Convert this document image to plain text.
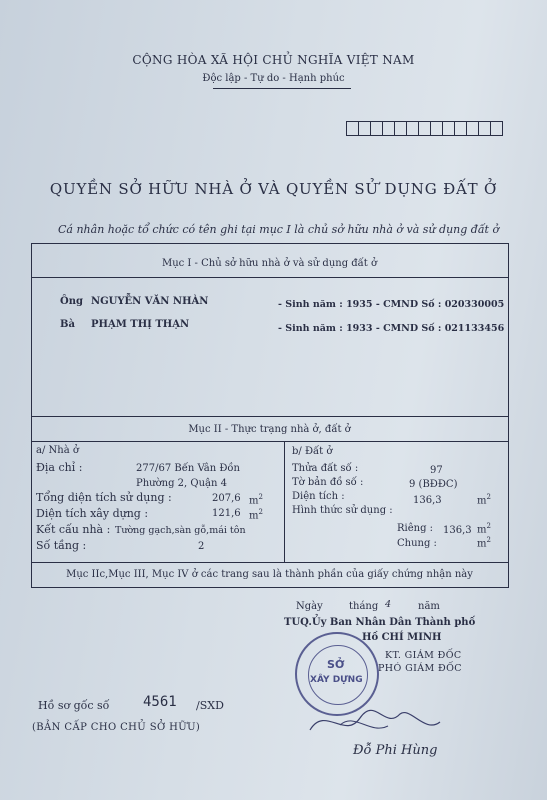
CỘNG HÒA XÃ HỘI CHỦ NGHĨA VIỆT NAM
Độc lập - Tự do - Hạnh phúc
QUYỀN SỞ HỮU NHÀ Ở VÀ QUYỀN SỬ DỤNG ĐẤT Ở
Cá nhân hoặc tổ chức có tên ghi tại mục I là chủ sở hữu nhà ở và sử dụng đất ở
Mục I - Chủ sở hữu nhà ở và sử dụng đất ở
Ông NGUYỄN VĂN NHÀN	- Sinh năm : 1935 - CMND Số : 020330005
Bà PHẠM THỊ THẠN	- Sinh năm : 1933 - CMND Số : 021133456
Mục II - Thực trạng nhà ở, đất ở
a/ Nhà ở
Địa chỉ :	277/67 Bến Vân Đồn
Phường 2, Quận 4
Tổng diện tích sử dụng :	207,6 $m^2$
Diện tích xây dựng :	121,6 $m^2$
Kết cấu nhà : Tường gạch,sàn gỗ,mái tôn
Số tầng :	2
b/ Đất ở
Thửa đất số :	97
Tờ bản đồ số :	9 (BĐĐC)
Diện tích :	136,3	$m^2$
Hình thức sử dụng :
Riêng : 136,3 $m^2$
Chung :	$m^2$
Mục IIc,Mục III, Mục IV ở các trang sau là thành phần của giấy chứng nhận này
Ngày	tháng 4	năm
TUQ.Ủy Ban Nhân Dân Thành phố
Hồ CHÍ MINH
KT. GIÁM ĐỐC
PHÓ GIÁM ĐỐC
SỞ
XÂY DỰNG
Đỗ Phi Hùng
Hồ sơ gốc số 4561 /SXD
(BẢN CẤP CHO CHỦ SỞ HỮU)
